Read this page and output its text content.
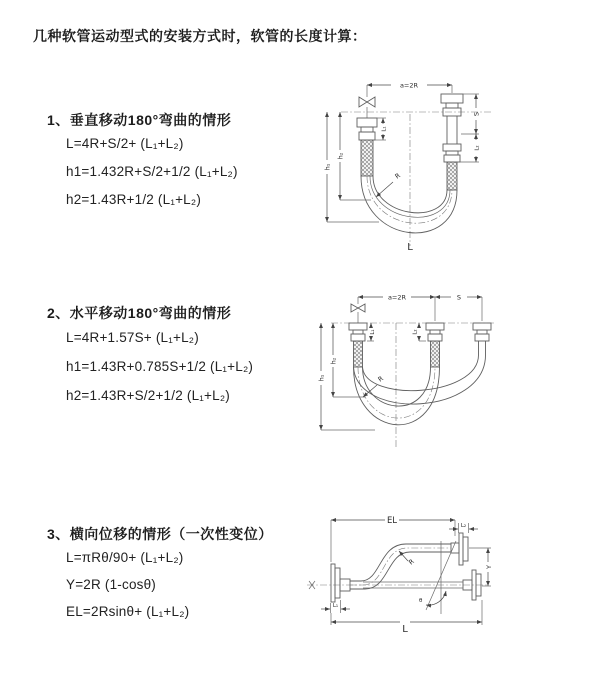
几种软管运动型式的安装方式时，软管的长度计算：
1、垂直移动180°弯曲的情形
L=4R+S/2+ (L₁+L₂)
h1=1.432R+S/2+1/2 (L₁+L₂)
h2=1.43R+1/2 (L₁+L₂)
a=2R
h₁
h₂
L₁
S
L₂
R
L
2、水平移动180°弯曲的情形
L=4R+1.57S+ (L₁+L₂)
h1=1.43R+0.785S+1/2 (L₁+L₂)
h2=1.43R+S/2+1/2 (L₁+L₂)
a=2R	S
L₁	L₂
h₁
h₂
R
3、横向位移的情形（一次性变位）
L=πRθ/90+ (L₁+L₂)
Y=2R (1-cosθ)
EL=2Rsinθ+ (L₁+L₂)
EL	L₂
θ
R
Y
L₁
L
